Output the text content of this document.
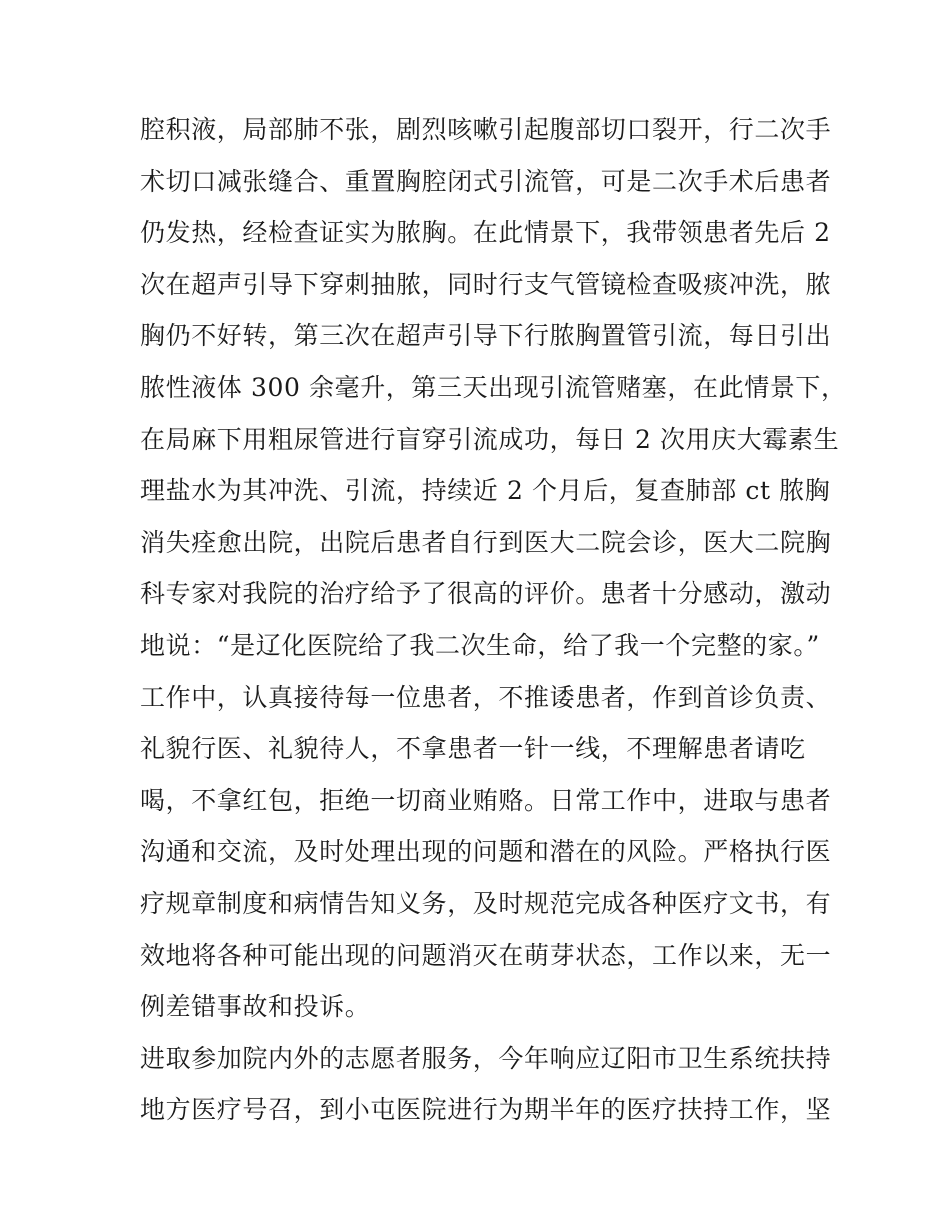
腔积液，局部肺不张，剧烈咳嗽引起腹部切口裂开，行二次手
术切口减张缝合、重置胸腔闭式引流管，可是二次手术后患者
仍发热，经检查证实为脓胸。在此情景下，我带领患者先后 2
次在超声引导下穿刺抽脓，同时行支气管镜检查吸痰冲洗，脓
胸仍不好转，第三次在超声引导下行脓胸置管引流，每日引出
脓性液体 300 余毫升，第三天出现引流管赌塞，在此情景下，
在局麻下用粗尿管进行盲穿引流成功，每日 2 次用庆大霉素生
理盐水为其冲洗、引流，持续近 2 个月后，复查肺部 ct 脓胸
消失痊愈出院，出院后患者自行到医大二院会诊，医大二院胸
科专家对我院的治疗给予了很高的评价。患者十分感动，激动
地说：“是辽化医院给了我二次生命，给了我一个完整的家。”
工作中，认真接待每一位患者，不推诿患者，作到首诊负责、
礼貌行医、礼貌待人，不拿患者一针一线，不理解患者请吃
喝，不拿红包，拒绝一切商业贿赂。日常工作中，进取与患者
沟通和交流，及时处理出现的问题和潜在的风险。严格执行医
疗规章制度和病情告知义务，及时规范完成各种医疗文书，有
效地将各种可能出现的问题消灭在萌芽状态，工作以来，无一
例差错事故和投诉。
进取参加院内外的志愿者服务，今年响应辽阳市卫生系统扶持
地方医疗号召，到小屯医院进行为期半年的医疗扶持工作，坚
